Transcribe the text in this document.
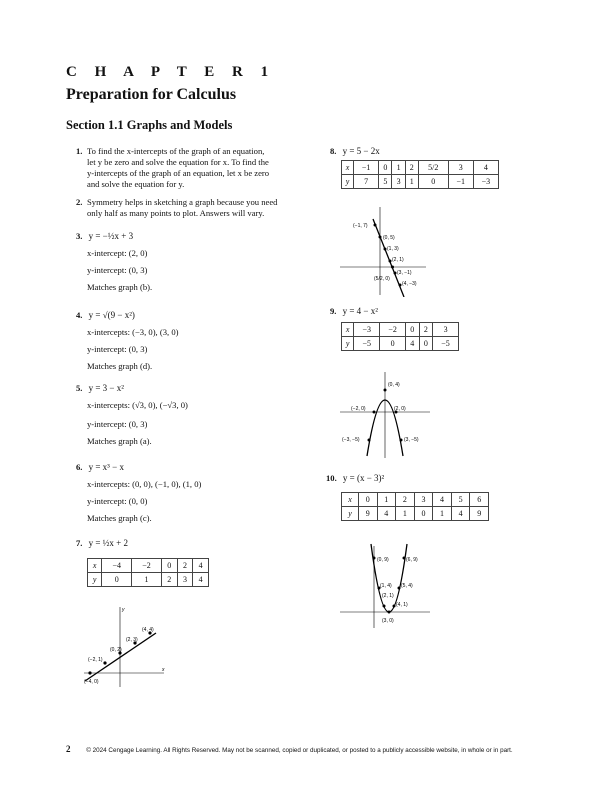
C H A P T E R 1
Preparation for Calculus
Section 1.1 Graphs and Models
1. To find the x-intercepts of the graph of an equation,
let y be zero and solve the equation for x. To find the
y-intercepts of the graph of an equation, let x be zero
and solve the equation for y.
2. Symmetry helps in sketching a graph because you need
only half as many points to plot. Answers will vary.
3. y = −½x + 3
x-intercept: (2, 0)
y-intercept: (0, 3)
Matches graph (b).
4. y = √(9 − x²)
x-intercepts: (−3, 0), (3, 0)
y-intercept: (0, 3)
Matches graph (d).
5. y = 3 − x²
x-intercepts: (√3, 0), (−√3, 0)
y-intercept: (0, 3)
Matches graph (a).
6. y = x³ − x
x-intercepts: (0, 0), (−1, 0), (1, 0)
y-intercept: (0, 0)
Matches graph (c).
7. y = ½x + 2
x	−4	−2	0	2	4
y	0	1	2	3	4
(4, 4)
(2, 3)
(0, 2)
(−2, 1)
(−4, 0)
x
y
8. y = 5 − 2x
x	−1	0	1	2	5/2	3	4
y	7	5	3	1	0	−1	−3
(−1, 7)
(0, 5)
(1, 3)
(2, 1)
(3, −1)
(5/2, 0)
(4, −3)
9. y = 4 − x²
x	−3	−2	0	2	3
y	−5	0	4	0	−5
(0, 4)
(−2, 0)	(2, 0)
(−3, −5)	(3, −5)
10. y = (x − 3)²
x	0	1	2	3	4	5	6
y	9	4	1	0	1	4	9
(0, 9)	(6, 9)
(1, 4) (5, 4)
(2, 1)
(4, 1)
(3, 0)
2	© 2024 Cengage Learning. All Rights Reserved. May not be scanned, copied or duplicated, or posted to a publicly accessible website, in whole or in part.
